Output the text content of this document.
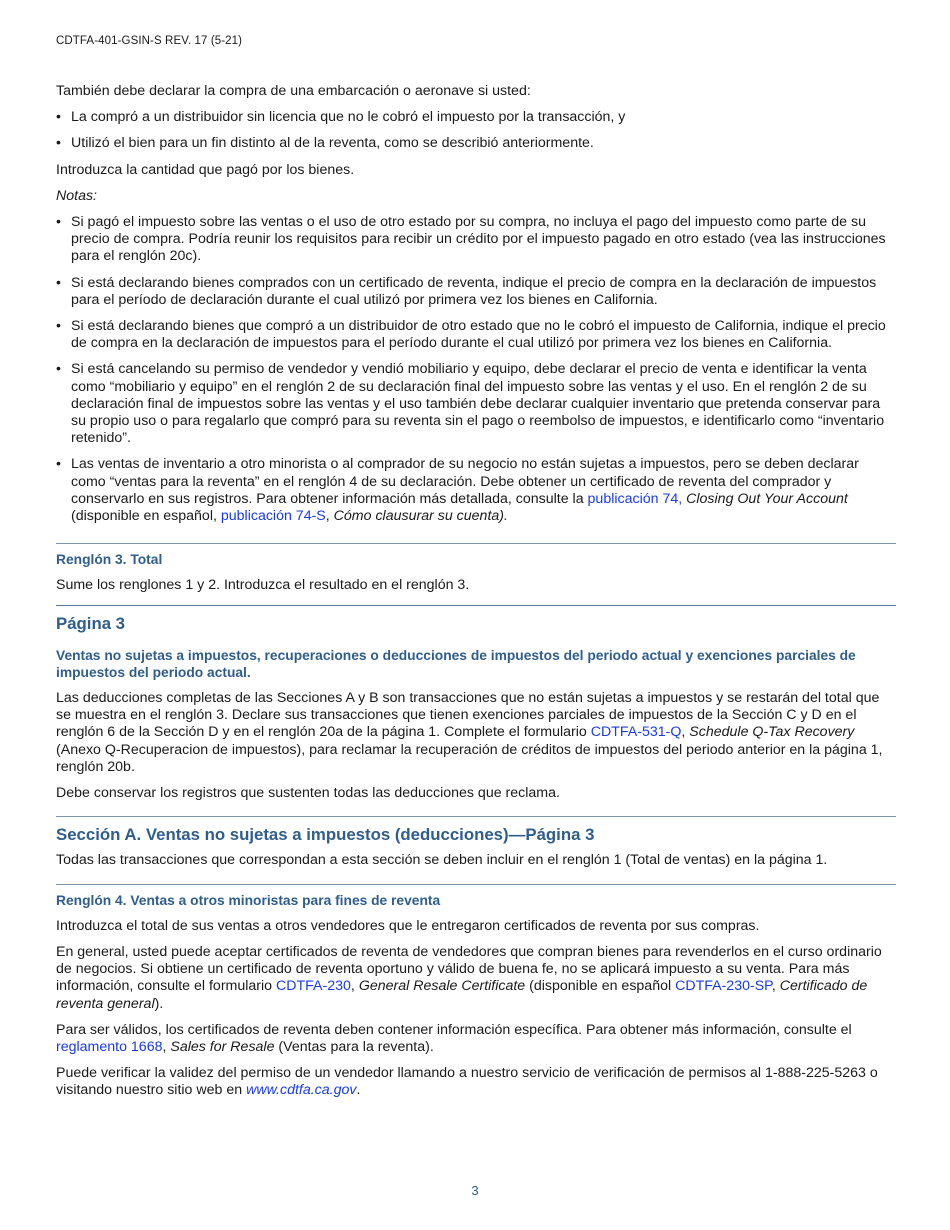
CDTFA-401-GSIN-S REV. 17 (5-21)

También debe declarar la compra de una embarcación o aeronave si usted:

• La compró a un distribuidor sin licencia que no le cobró el impuesto por la transacción, y
• Utilizó el bien para un fin distinto al de la reventa, como se describió anteriormente.

Introduzca la cantidad que pagó por los bienes.

Notas:

• Si pagó el impuesto sobre las ventas o el uso de otro estado por su compra, no incluya el pago del impuesto como parte de su precio de compra. Podría reunir los requisitos para recibir un crédito por el impuesto pagado en otro estado (vea las instrucciones para el renglón 20c).
• Si está declarando bienes comprados con un certificado de reventa, indique el precio de compra en la declaración de impuestos para el período de declaración durante el cual utilizó por primera vez los bienes en California.
• Si está declarando bienes que compró a un distribuidor de otro estado que no le cobró el impuesto de California, indique el precio de compra en la declaración de impuestos para el período durante el cual utilizó por primera vez los bienes en California.
• Si está cancelando su permiso de vendedor y vendió mobiliario y equipo, debe declarar el precio de venta e identificar la venta como “mobiliario y equipo” en el renglón 2 de su declaración final del impuesto sobre las ventas y el uso. En el renglón 2 de su declaración final de impuestos sobre las ventas y el uso también debe declarar cualquier inventario que pretenda conservar para su propio uso o para regalarlo que compró para su reventa sin el pago o reembolso de impuestos, e identificarlo como “inventario retenido”.
• Las ventas de inventario a otro minorista o al comprador de su negocio no están sujetas a impuestos, pero se deben declarar como “ventas para la reventa” en el renglón 4 de su declaración. Debe obtener un certificado de reventa del comprador y conservarlo en sus registros. Para obtener información más detallada, consulte la publicación 74, Closing Out Your Account (disponible en español, publicación 74-S, Cómo clausurar su cuenta).
Renglón 3. Total

Sume los renglones 1 y 2. Introduzca el resultado en el renglón 3.

Página 3
Ventas no sujetas a impuestos, recuperaciones o deducciones de impuestos del periodo actual y exenciones parciales de impuestos del periodo actual.

Las deducciones completas de las Secciones A y B son transacciones que no están sujetas a impuestos y se restarán del total que se muestra en el renglón 3. Declare sus transacciones que tienen exenciones parciales de impuestos de la Sección C y D en el renglón 6 de la Sección D y en el renglón 20a de la página 1. Complete el formulario CDTFA-531-Q, Schedule Q-Tax Recovery (Anexo Q-Recuperacion de impuestos), para reclamar la recuperación de créditos de impuestos del periodo anterior en la página 1, renglón 20b.

Debe conservar los registros que sustenten todas las deducciones que reclama.

Sección A. Ventas no sujetas a impuestos (deducciones)—Página 3

Todas las transacciones que correspondan a esta sección se deben incluir en el renglón 1 (Total de ventas) en la página 1.

Renglón 4. Ventas a otros minoristas para fines de reventa

Introduzca el total de sus ventas a otros vendedores que le entregaron certificados de reventa por sus compras.

En general, usted puede aceptar certificados de reventa de vendedores que compran bienes para revenderlos en el curso ordinario de negocios. Si obtiene un certificado de reventa oportuno y válido de buena fe, no se aplicará impuesto a su venta. Para más información, consulte el formulario CDTFA-230, General Resale Certificate (disponible en español CDTFA-230-SP, Certificado de reventa general).

Para ser válidos, los certificados de reventa deben contener información específica. Para obtener más información, consulte el reglamento 1668, Sales for Resale (Ventas para la reventa).

Puede verificar la validez del permiso de un vendedor llamando a nuestro servicio de verificación de permisos al 1-888-225-5263 o visitando nuestro sitio web en www.cdtfa.ca.gov.

3
